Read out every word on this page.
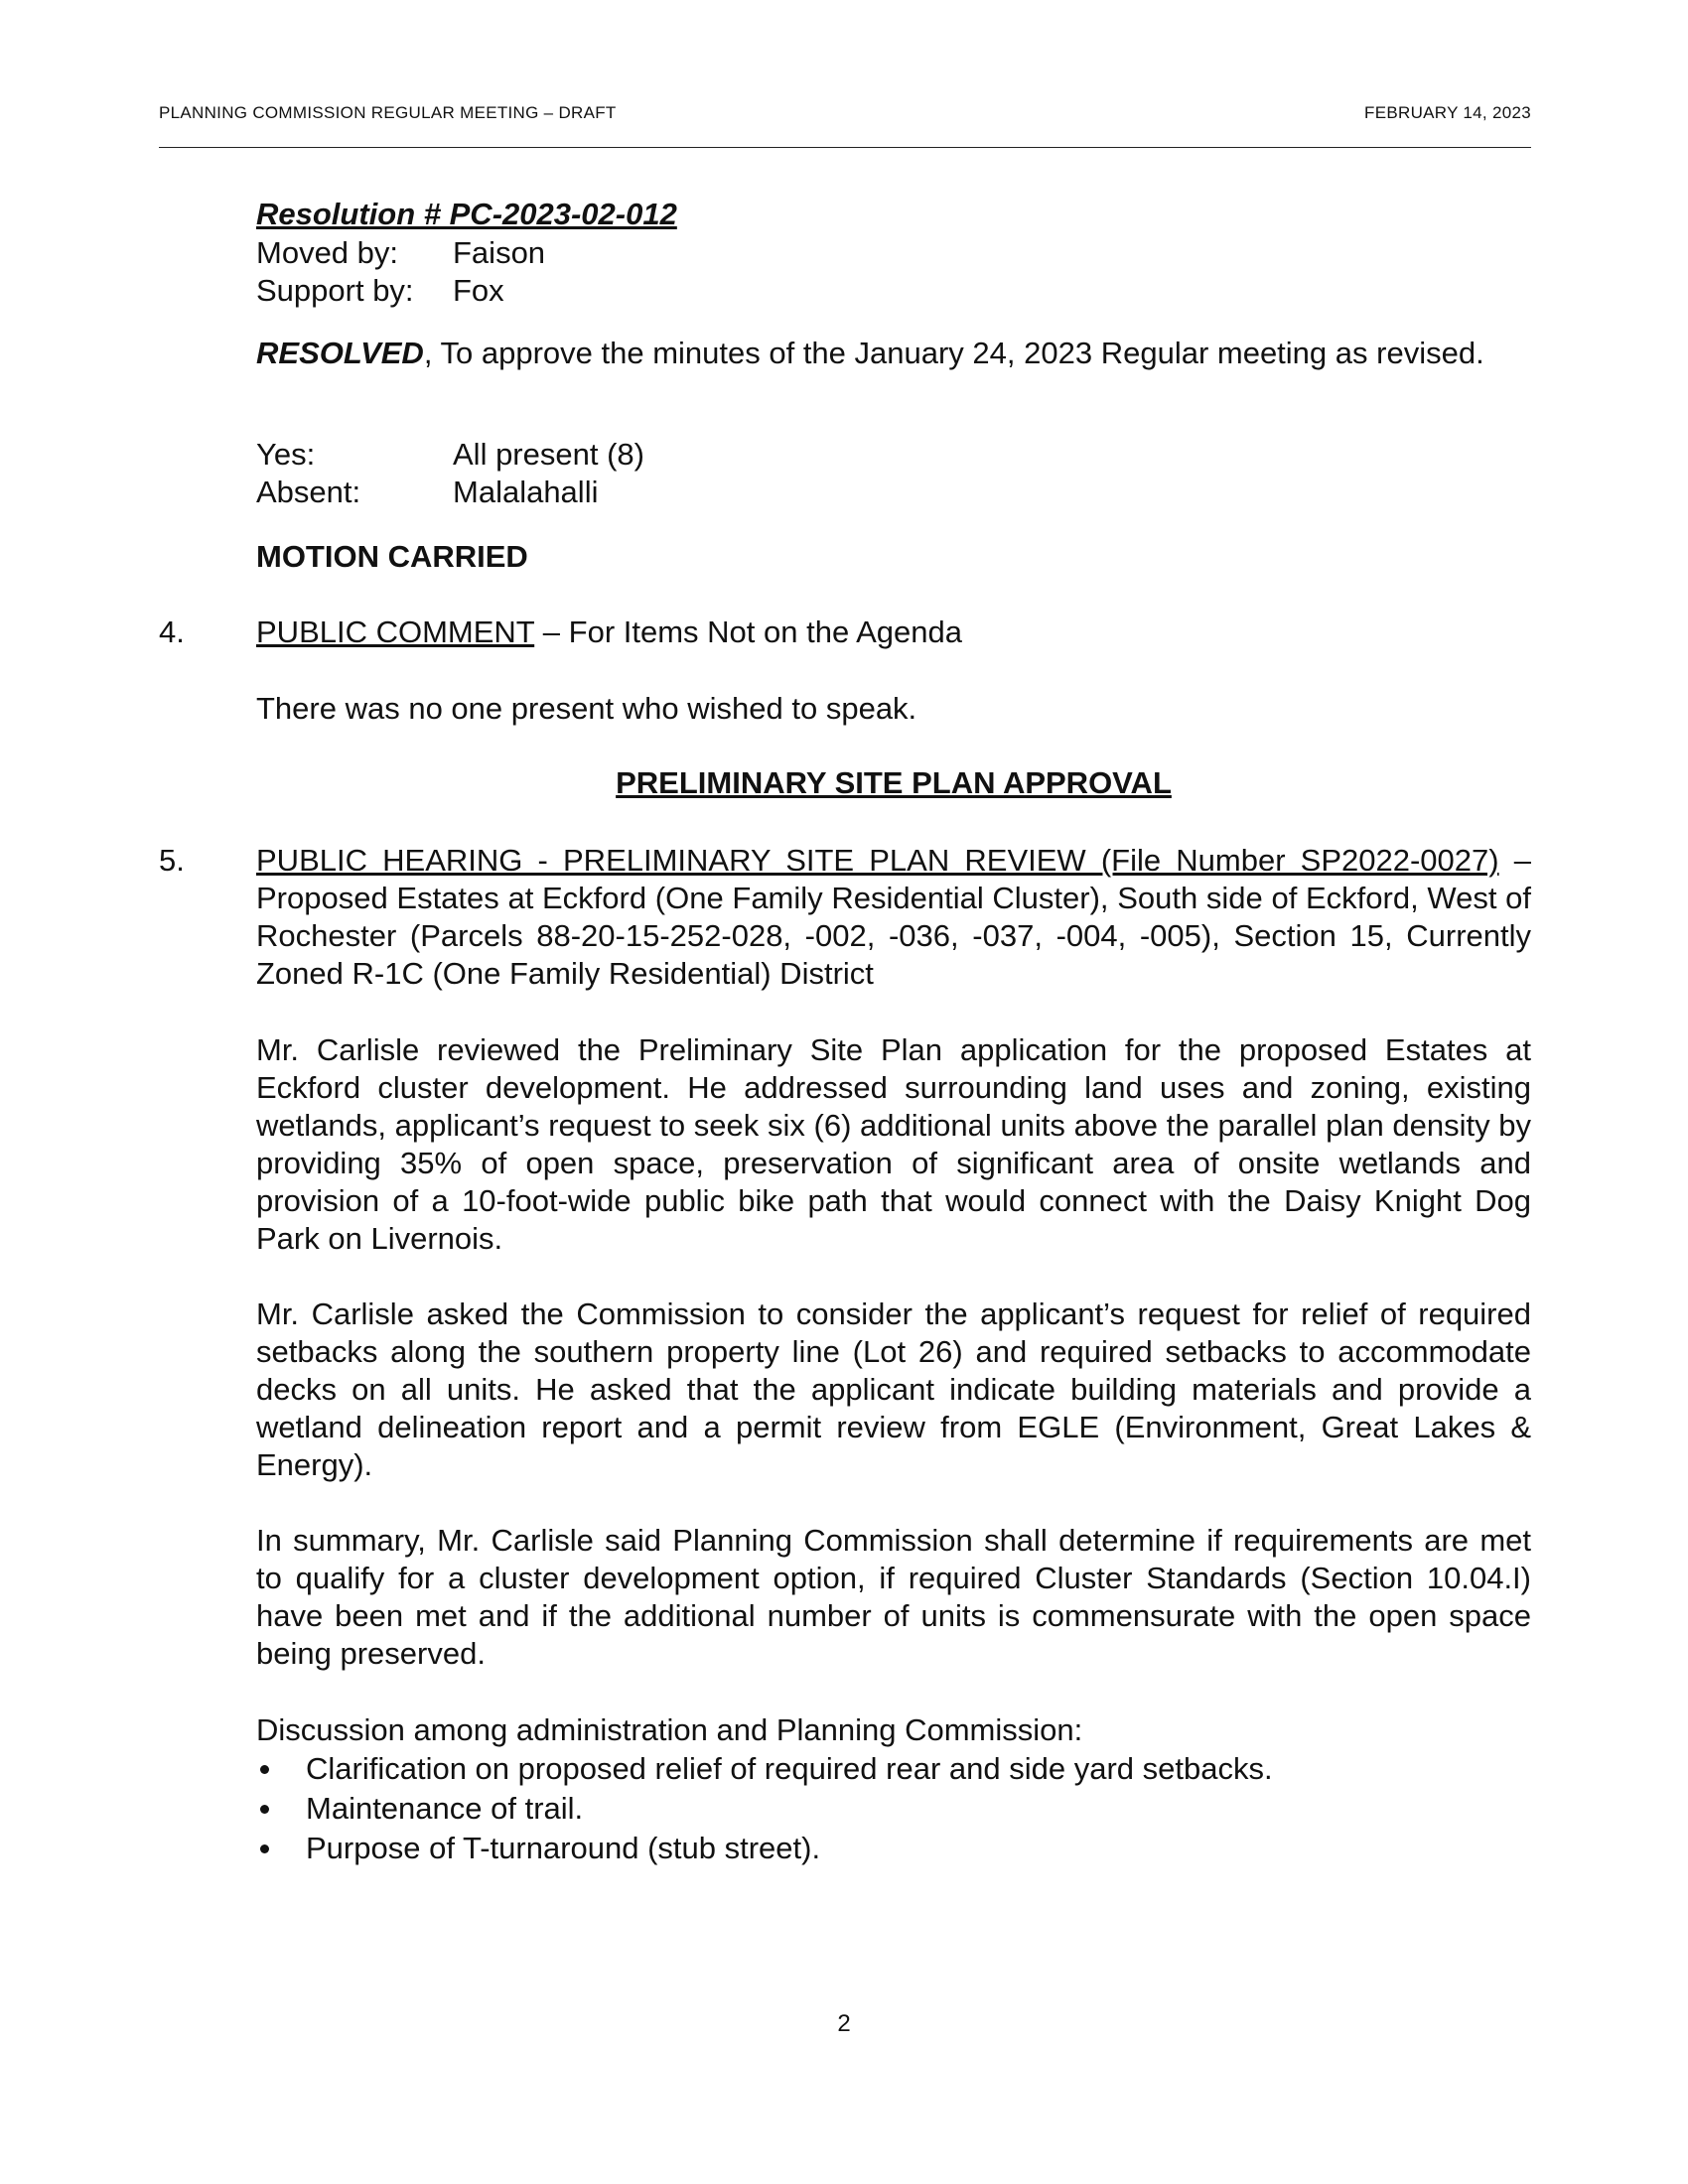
PLANNING COMMISSION REGULAR MEETING – DRAFT	FEBRUARY 14, 2023
Resolution # PC-2023-02-012
Moved by: Faison
Support by: Fox
RESOLVED, To approve the minutes of the January 24, 2023 Regular meeting as revised.
Yes:	All present (8)
Absent:	Malalahalli
MOTION CARRIED
4. PUBLIC COMMENT – For Items Not on the Agenda
There was no one present who wished to speak.
PRELIMINARY SITE PLAN APPROVAL
5. PUBLIC HEARING - PRELIMINARY SITE PLAN REVIEW (File Number SP2022-0027) – Proposed Estates at Eckford (One Family Residential Cluster), South side of Eckford, West of Rochester (Parcels 88-20-15-252-028, -002, -036, -037, -004, -005), Section 15, Currently Zoned R-1C (One Family Residential) District
Mr. Carlisle reviewed the Preliminary Site Plan application for the proposed Estates at Eckford cluster development. He addressed surrounding land uses and zoning, existing wetlands, applicant’s request to seek six (6) additional units above the parallel plan density by providing 35% of open space, preservation of significant area of onsite wetlands and provision of a 10-foot-wide public bike path that would connect with the Daisy Knight Dog Park on Livernois.
Mr. Carlisle asked the Commission to consider the applicant’s request for relief of required setbacks along the southern property line (Lot 26) and required setbacks to accommodate decks on all units. He asked that the applicant indicate building materials and provide a wetland delineation report and a permit review from EGLE (Environment, Great Lakes & Energy).
In summary, Mr. Carlisle said Planning Commission shall determine if requirements are met to qualify for a cluster development option, if required Cluster Standards (Section 10.04.I) have been met and if the additional number of units is commensurate with the open space being preserved.
Discussion among administration and Planning Commission:
Clarification on proposed relief of required rear and side yard setbacks.
Maintenance of trail.
Purpose of T-turnaround (stub street).
2
